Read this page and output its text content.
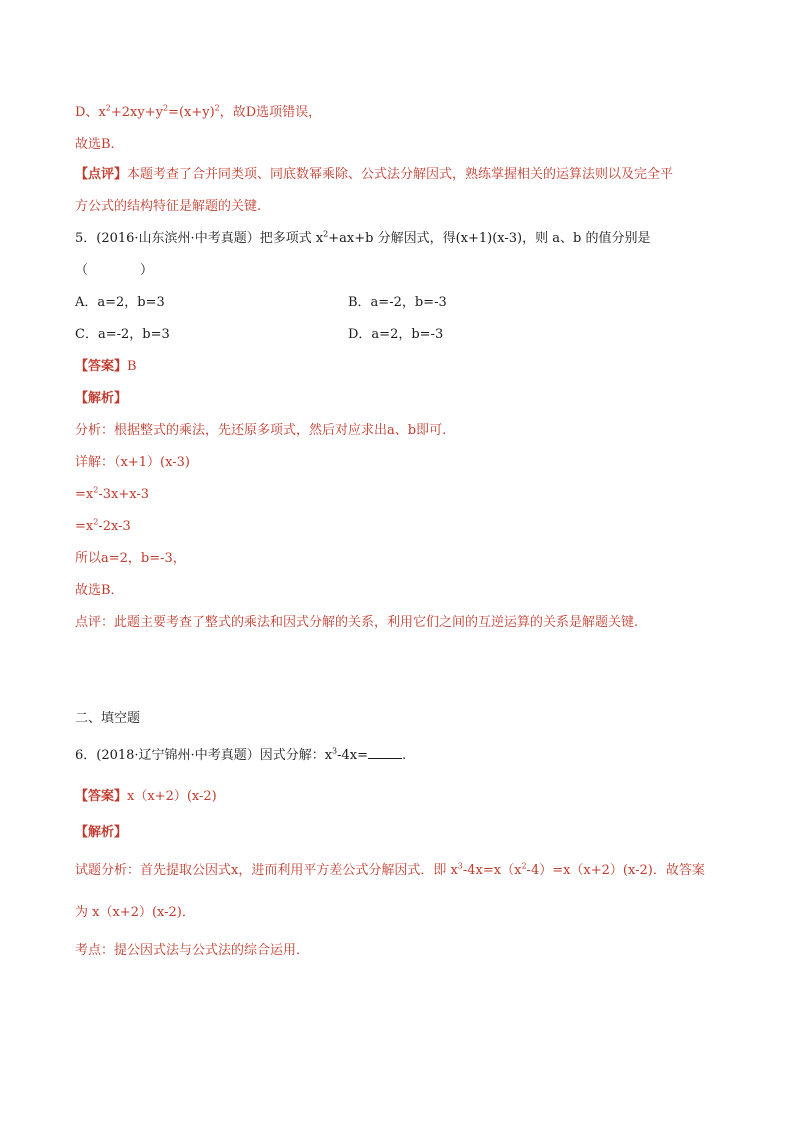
D、$x^2+2xy+y^2=(x+y)^2$，故D选项错误，
故选B.
【点评】本题考查了合并同类项、同底数幂乘除、公式法分解因式，熟练掌握相关的运算法则以及完全平
方公式的结构特征是解题的关键.
5．(2016·山东滨州·中考真题）把多项式 $x^2+ax+b$ 分解因式，得(x+1)(x-3)，则 a、b 的值分别是
（　　　　）
A．a=2，b=3	B．a=-2，b=-3
C．a=-2，b=3	D．a=2，b=-3
【答案】B
【解析】
分析：根据整式的乘法，先还原多项式，然后对应求出a、b即可.
详解：（x+1）(x-3)
$=x^2-3x+x-3$
$=x^2-2x-3$
所以a=2，b=-3，
故选B．
点评：此题主要考查了整式的乘法和因式分解的关系，利用它们之间的互逆运算的关系是解题关键.
二、填空题
6．(2018·辽宁锦州·中考真题）因式分解：$x^3-4x=$	.
【答案】x（x+2）(x-2)
【解析】
试题分析：首先提取公因式x，进而利用平方差公式分解因式．即 $x^3-4x=x(x^2-4)=x(x+2)(x-2)$．故答案
为 x（x+2）(x-2)．
考点：提公因式法与公式法的综合运用．
